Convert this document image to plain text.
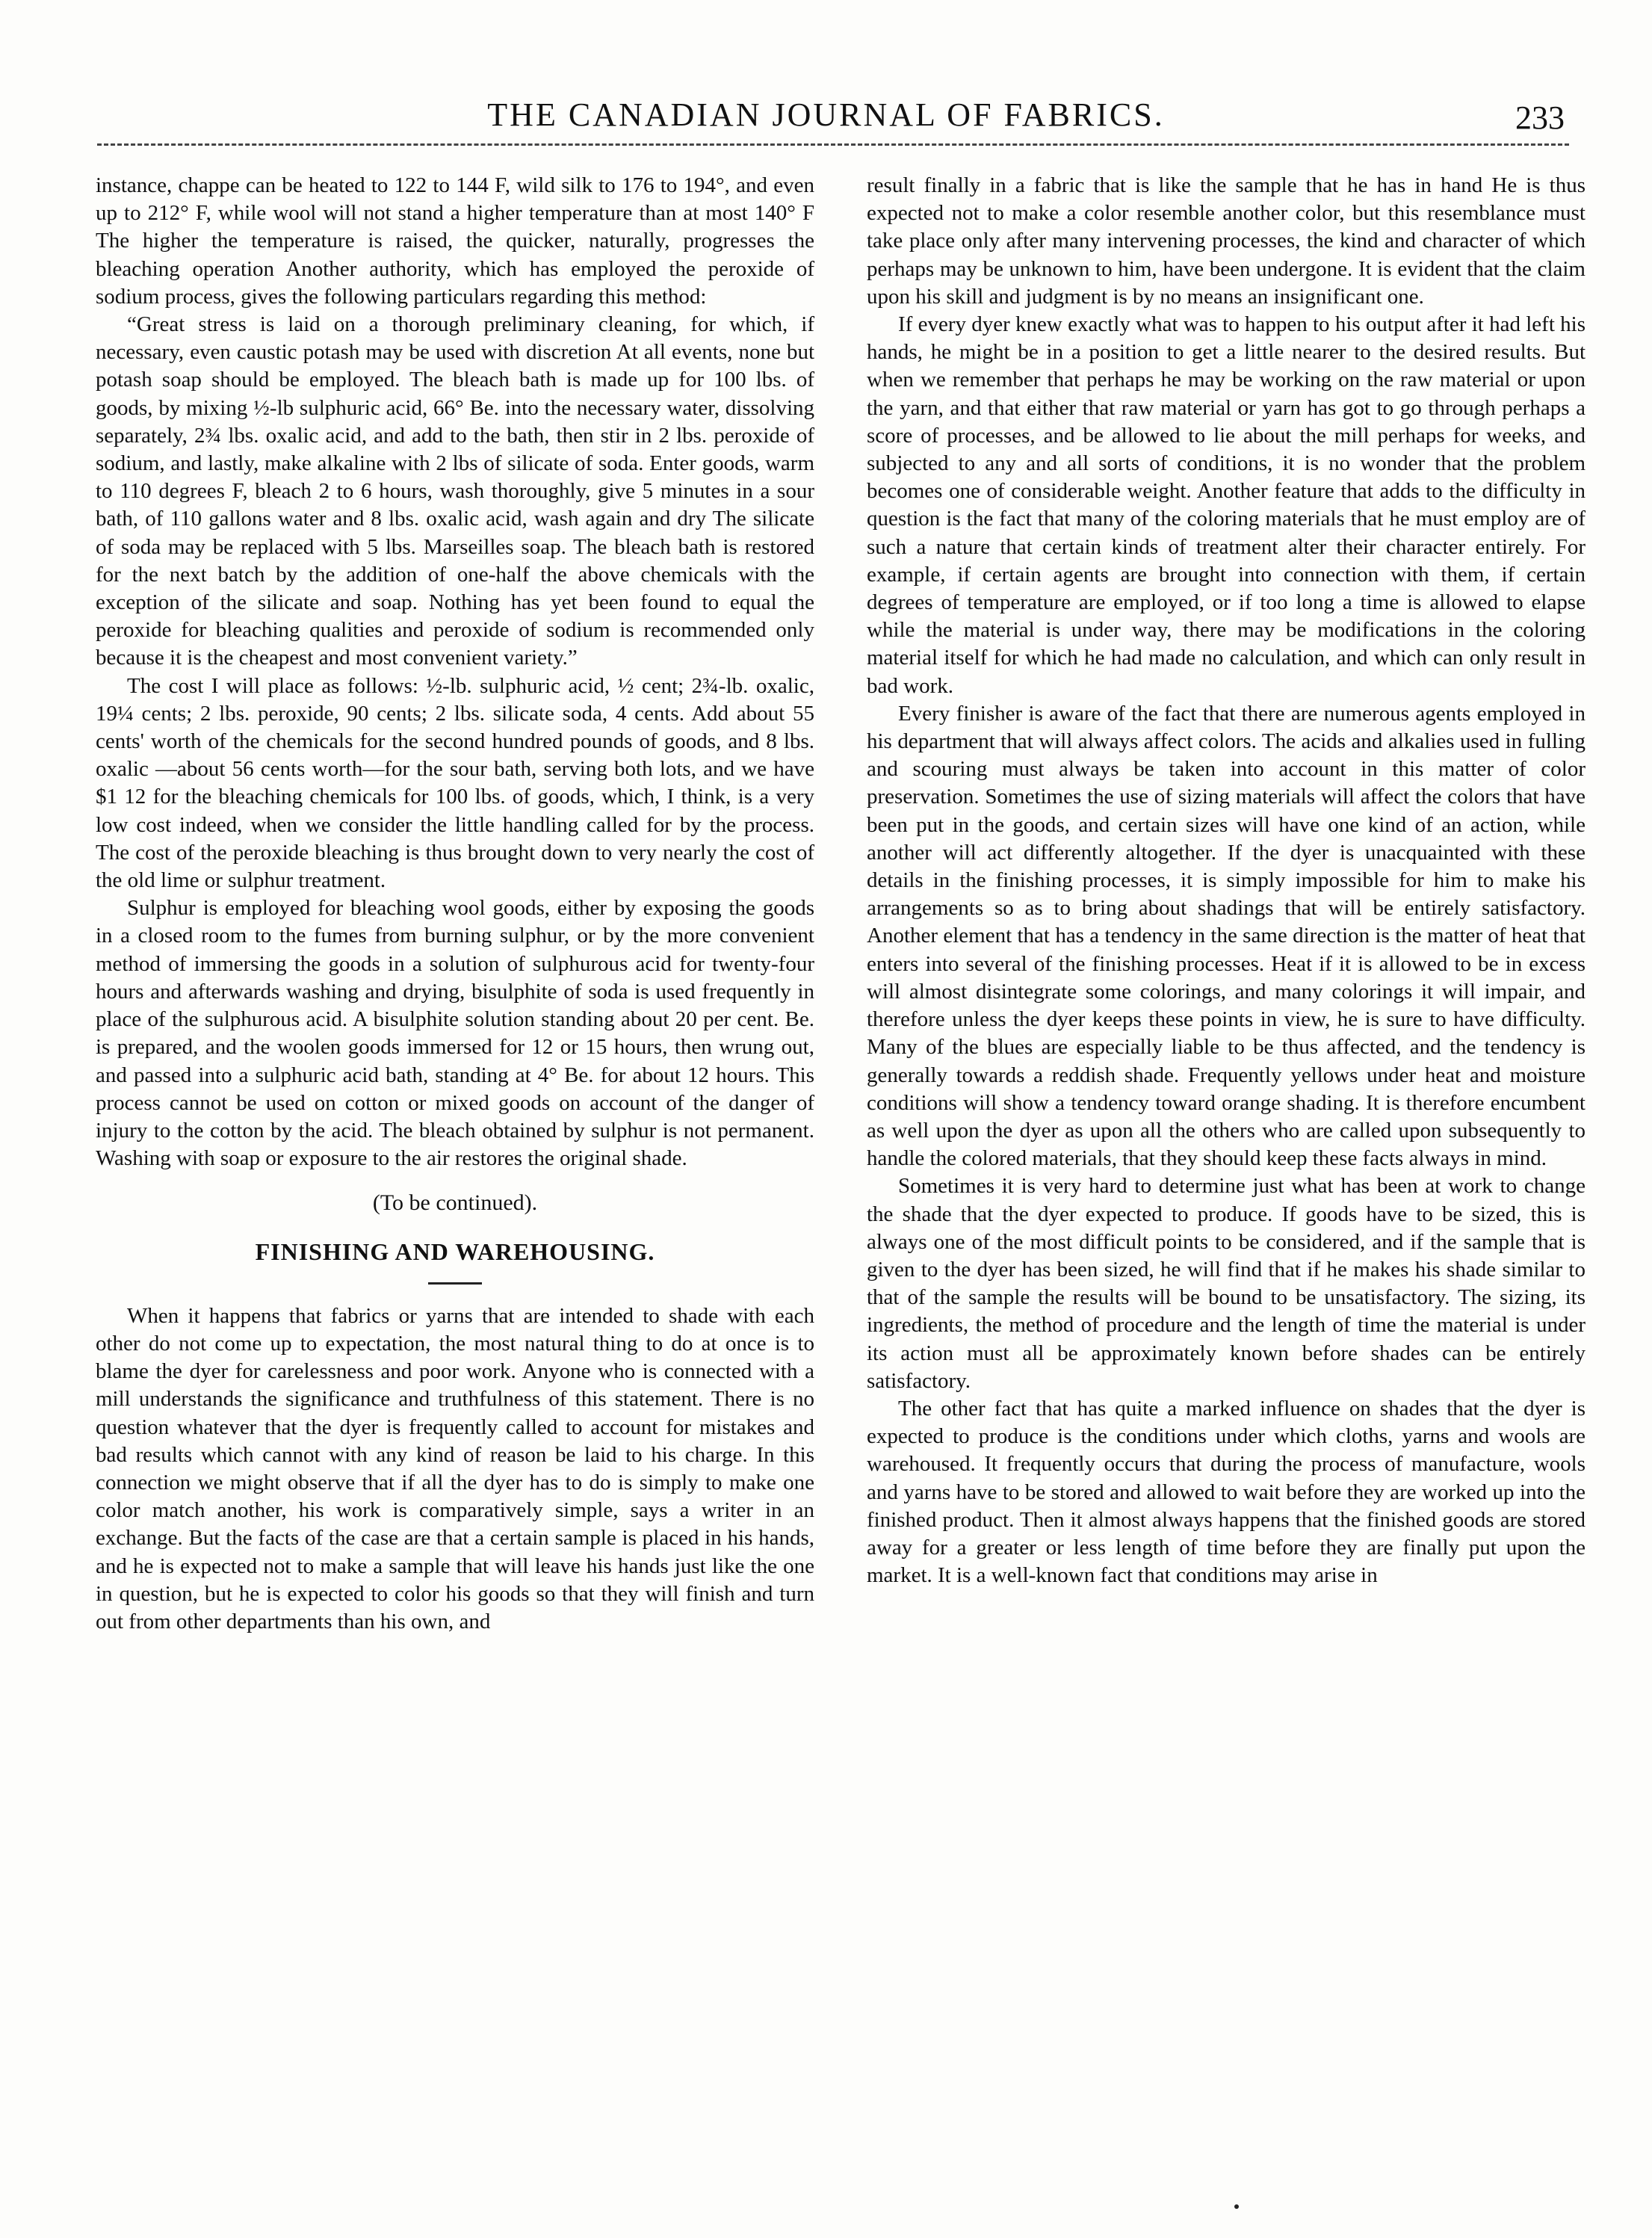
THE CANADIAN JOURNAL OF FABRICS.	233

instance, chappe can be heated to 122 to 144 F, wild silk to 176 to 194°, and even up to 212° F, while wool will not stand a higher temperature than at most 140° F The higher the temperature is raised, the quicker, naturally, progresses the bleaching operation Another authority, which has employed the peroxide of sodium process, gives the following particulars regarding this method:

“Great stress is laid on a thorough preliminary cleaning, for which, if necessary, even caustic potash may be used with discretion At all events, none but potash soap should be employed. The bleach bath is made up for 100 lbs. of goods, by mixing ½-lb sulphuric acid, 66° Be. into the necessary water, dissolving separately, 2¾ lbs. oxalic acid, and add to the bath, then stir in 2 lbs. peroxide of sodium, and lastly, make alkaline with 2 lbs of silicate of soda. Enter goods, warm to 110 degrees F, bleach 2 to 6 hours, wash thoroughly, give 5 minutes in a sour bath, of 110 gallons water and 8 lbs. oxalic acid, wash again and dry The silicate of soda may be replaced with 5 lbs. Marseilles soap. The bleach bath is restored for the next batch by the addition of one-half the above chemicals with the exception of the silicate and soap. Nothing has yet been found to equal the peroxide for bleaching qualities and peroxide of sodium is recommended only because it is the cheapest and most convenient variety.”

The cost I will place as follows: ½-lb. sulphuric acid, ½ cent; 2¾-lb. oxalic, 19¼ cents; 2 lbs. peroxide, 90 cents; 2 lbs. silicate soda, 4 cents. Add about 55 cents' worth of the chemicals for the second hundred pounds of goods, and 8 lbs. oxalic —about 56 cents worth—for the sour bath, serving both lots, and we have $1 12 for the bleaching chemicals for 100 lbs. of goods, which, I think, is a very low cost indeed, when we consider the little handling called for by the process. The cost of the peroxide bleaching is thus brought down to very nearly the cost of the old lime or sulphur treatment.

Sulphur is employed for bleaching wool goods, either by exposing the goods in a closed room to the fumes from burning sulphur, or by the more convenient method of immersing the goods in a solution of sulphurous acid for twenty-four hours and afterwards washing and drying, bisulphite of soda is used frequently in place of the sulphurous acid. A bisulphite solution standing about 20 per cent. Be. is prepared, and the woolen goods immersed for 12 or 15 hours, then wrung out, and passed into a sulphuric acid bath, standing at 4° Be. for about 12 hours. This process cannot be used on cotton or mixed goods on account of the danger of injury to the cotton by the acid. The bleach obtained by sulphur is not permanent. Washing with soap or exposure to the air restores the original shade.

(To be continued).
FINISHING AND WAREHOUSING.

When it happens that fabrics or yarns that are intended to shade with each other do not come up to expectation, the most natural thing to do at once is to blame the dyer for carelessness and poor work. Anyone who is connected with a mill understands the significance and truthfulness of this statement. There is no question whatever that the dyer is frequently called to account for mistakes and bad results which cannot with any kind of reason be laid to his charge. In this connection we might observe that if all the dyer has to do is simply to make one color match another, his work is comparatively simple, says a writer in an exchange. But the facts of the case are that a certain sample is placed in his hands, and he is expected not to make a sample that will leave his hands just like the one in question, but he is expected to color his goods so that they will finish and turn out from other departments than his own, and

result finally in a fabric that is like the sample that he has in hand He is thus expected not to make a color resemble another color, but this resemblance must take place only after many intervening processes, the kind and character of which perhaps may be unknown to him, have been undergone. It is evident that the claim upon his skill and judgment is by no means an insignificant one.

If every dyer knew exactly what was to happen to his output after it had left his hands, he might be in a position to get a little nearer to the desired results. But when we remember that perhaps he may be working on the raw material or upon the yarn, and that either that raw material or yarn has got to go through perhaps a score of processes, and be allowed to lie about the mill perhaps for weeks, and subjected to any and all sorts of conditions, it is no wonder that the problem becomes one of considerable weight. Another feature that adds to the difficulty in question is the fact that many of the coloring materials that he must employ are of such a nature that certain kinds of treatment alter their character entirely. For example, if certain agents are brought into connection with them, if certain degrees of temperature are employed, or if too long a time is allowed to elapse while the material is under way, there may be modifications in the coloring material itself for which he had made no calculation, and which can only result in bad work.

Every finisher is aware of the fact that there are numerous agents employed in his department that will always affect colors. The acids and alkalies used in fulling and scouring must always be taken into account in this matter of color preservation. Sometimes the use of sizing materials will affect the colors that have been put in the goods, and certain sizes will have one kind of an action, while another will act differently altogether. If the dyer is unacquainted with these details in the finishing processes, it is simply impossible for him to make his arrangements so as to bring about shadings that will be entirely satisfactory. Another element that has a tendency in the same direction is the matter of heat that enters into several of the finishing processes. Heat if it is allowed to be in excess will almost disintegrate some colorings, and many colorings it will impair, and therefore unless the dyer keeps these points in view, he is sure to have difficulty. Many of the blues are especially liable to be thus affected, and the tendency is generally towards a reddish shade. Frequently yellows under heat and moisture conditions will show a tendency toward orange shading. It is therefore encumbent as well upon the dyer as upon all the others who are called upon subsequently to handle the colored materials, that they should keep these facts always in mind.

Sometimes it is very hard to determine just what has been at work to change the shade that the dyer expected to produce. If goods have to be sized, this is always one of the most difficult points to be considered, and if the sample that is given to the dyer has been sized, he will find that if he makes his shade similar to that of the sample the results will be bound to be unsatisfactory. The sizing, its ingredients, the method of procedure and the length of time the material is under its action must all be approximately known before shades can be entirely satisfactory.

The other fact that has quite a marked influence on shades that the dyer is expected to produce is the conditions under which cloths, yarns and wools are warehoused. It frequently occurs that during the process of manufacture, wools and yarns have to be stored and allowed to wait before they are worked up into the finished product. Then it almost always happens that the finished goods are stored away for a greater or less length of time before they are finally put upon the market. It is a well-known fact that conditions may arise in
